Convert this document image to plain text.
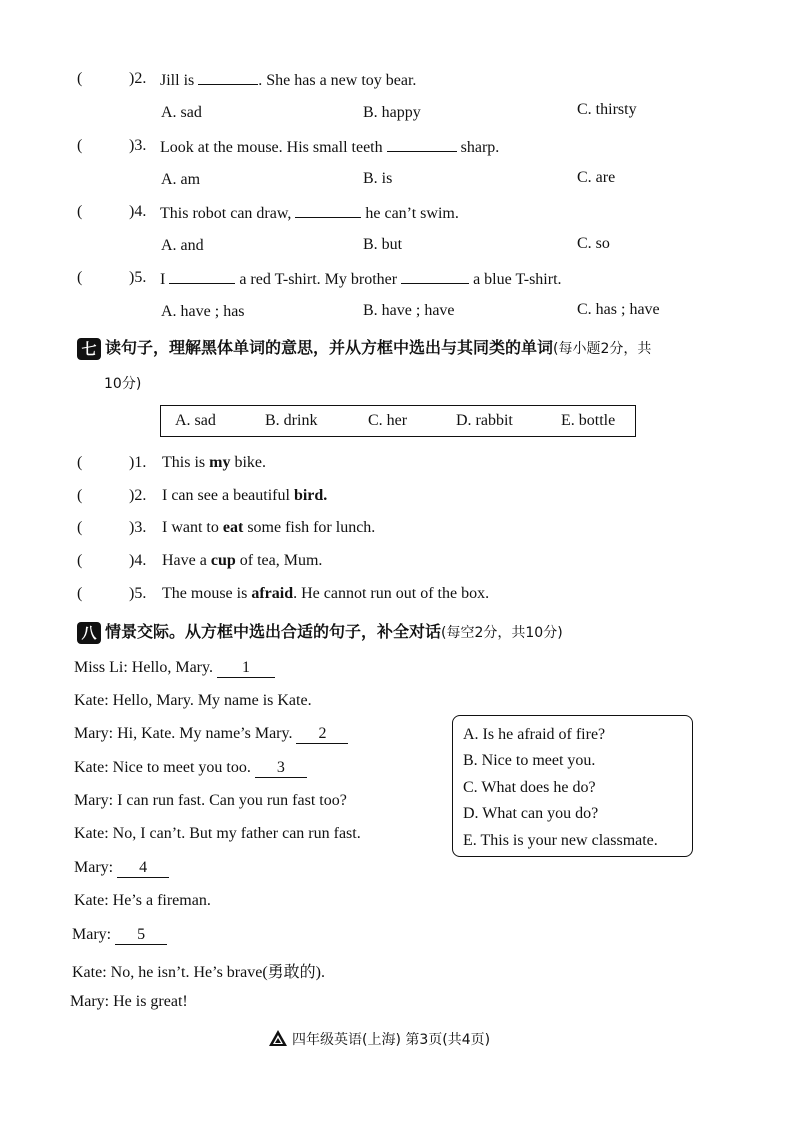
(	)2. Jill is	. She has a new toy bear.
A. sad	B. happy	C. thirsty
(	)3. Look at the mouse. His small teeth	sharp.
A. am	B. is	C. are
(	)4. This robot can draw,	he can’t swim.
A. and	B. but	C. so
(	)5. I	a red T-shirt. My brother	a blue T-shirt.
A. have ; has	B. have ; have	C. has ; have
七 读句子，理解黑体单词的意思，并从方框中选出与其同类的单词(每小题2分，共
10分)
A. sad	B. drink	C. her	D. rabbit	E. bottle
(	)1. This is my bike.
(	)2. I can see a beautiful bird.
(	)3. I want to eat some fish for lunch.
(	)4. Have a cup of tea, Mum.
(	)5. The mouse is afraid. He cannot run out of the box.
八 情景交际。从方框中选出合适的句子，补全对话(每空2分，共10分)
Miss Li: Hello, Mary. 1
Kate: Hello, Mary. My name is Kate.
Mary: Hi, Kate. My name’s Mary. 2
Kate: Nice to meet you too. 3
Mary: I can run fast. Can you run fast too?
Kate: No, I can’t. But my father can run fast.
Mary: 4
Kate: He’s a fireman.
Mary: 5
Kate: No, he isn’t. He’s brave(勇敢的).
Mary: He is great!
A. Is he afraid of fire?
B. Nice to meet you.
C. What does he do?
D. What can you do?
E. This is your new classmate.
四年级英语(上海) 第3页(共4页)
